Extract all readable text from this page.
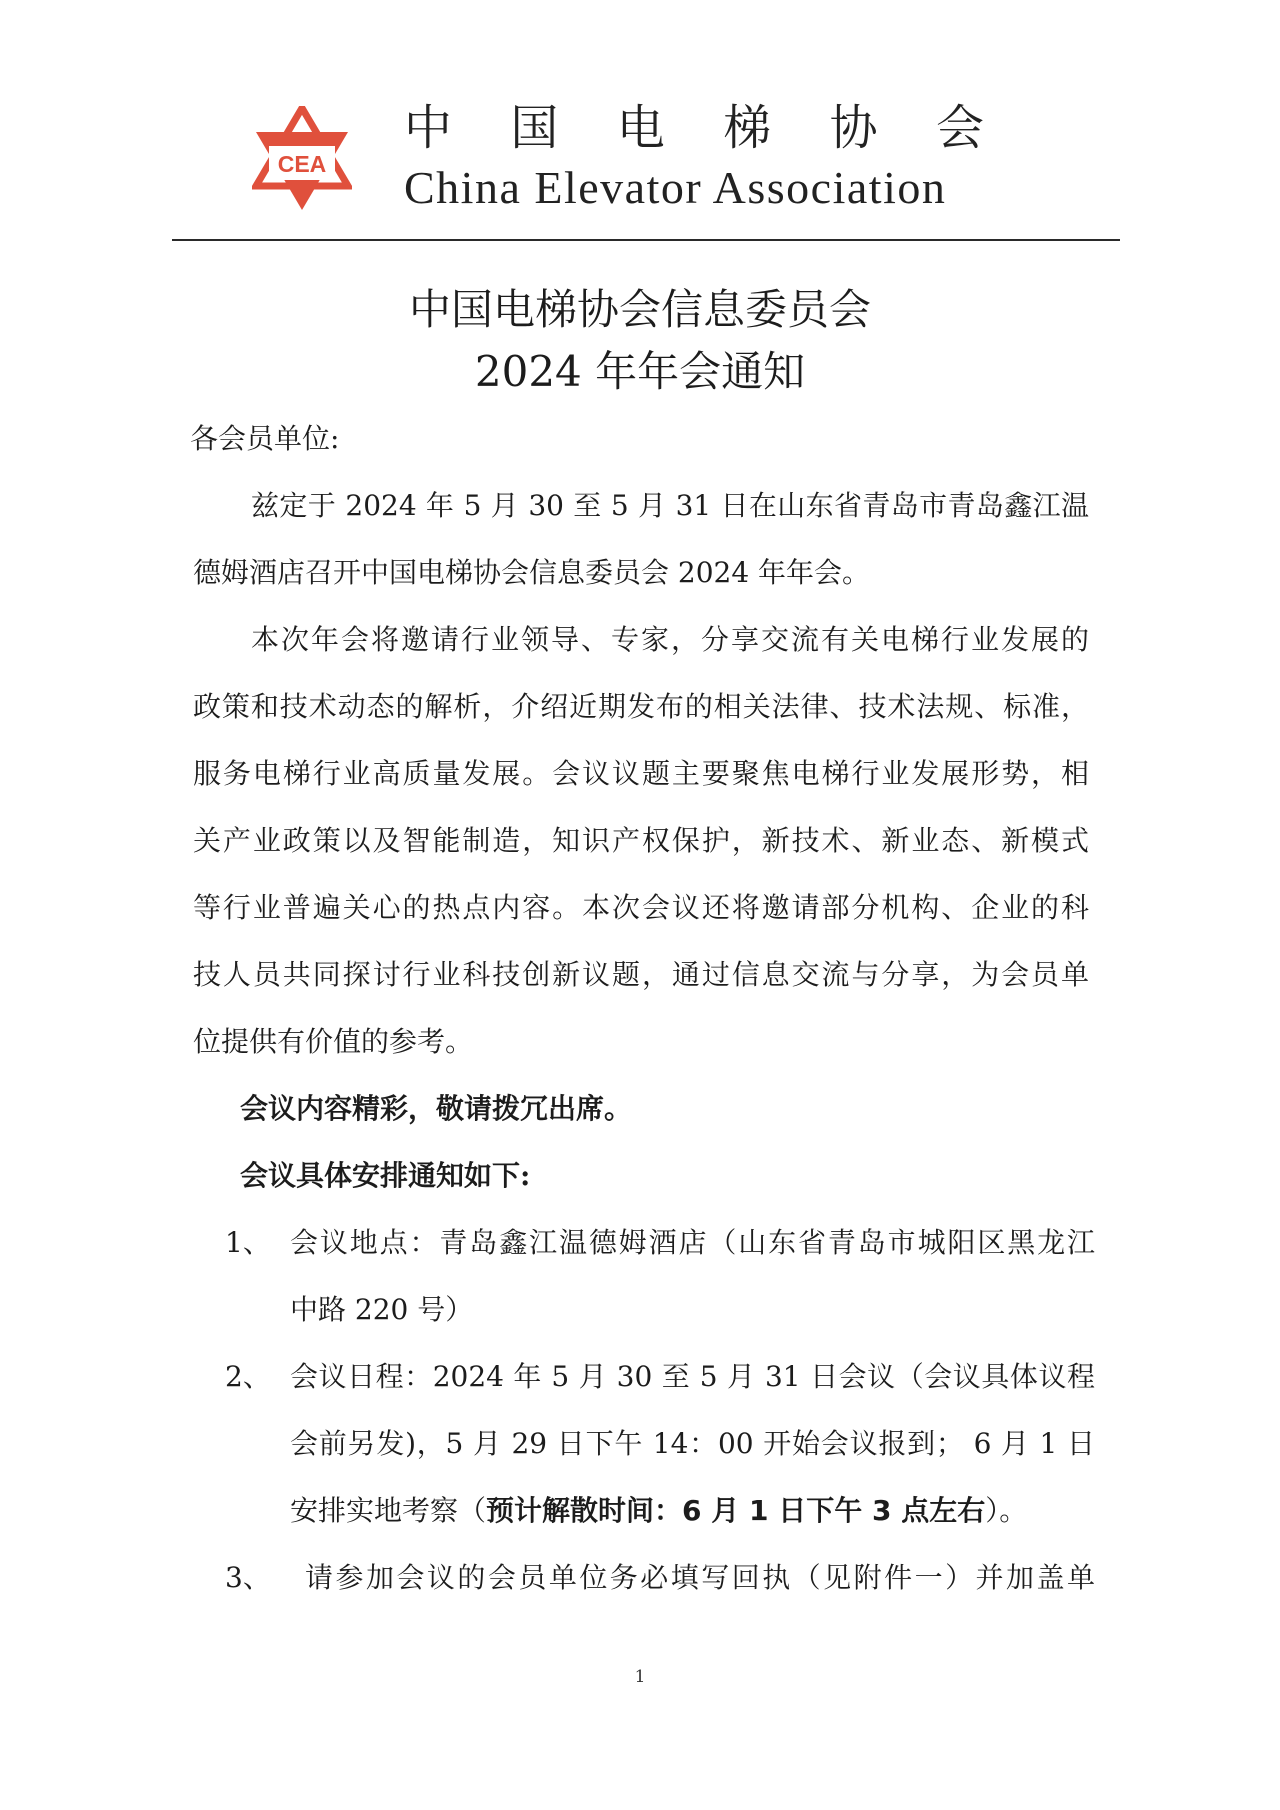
CEA
中 国 电 梯 协 会
China Elevator Association
中国电梯协会信息委员会
2024 年年会通知
各会员单位:
兹定于 2024 年 5 月 30 至 5 月 31 日在山东省青岛市青岛鑫江温
德姆酒店召开中国电梯协会信息委员会 2024 年年会。
本次年会将邀请行业领导、专家，分享交流有关电梯行业发展的
政策和技术动态的解析，介绍近期发布的相关法律、技术法规、标准，
服务电梯行业高质量发展。会议议题主要聚焦电梯行业发展形势，相
关产业政策以及智能制造，知识产权保护，新技术、新业态、新模式
等行业普遍关心的热点内容。本次会议还将邀请部分机构、企业的科
技人员共同探讨行业科技创新议题，通过信息交流与分享，为会员单
位提供有价值的参考。
会议内容精彩，敬请拨冗出席。
会议具体安排通知如下:
1、 会议地点：青岛鑫江温德姆酒店（山东省青岛市城阳区黑龙江
中路 220 号）
2、 会议日程：2024 年 5 月 30 至 5 月 31 日会议（会议具体议程
会前另发)，5 月 29 日下午 14：00 开始会议报到； 6 月 1 日
安排实地考察（预计解散时间：6 月 1 日下午 3 点左右）。
3、 请参加会议的会员单位务必填写回执（见附件一）并加盖单
1
